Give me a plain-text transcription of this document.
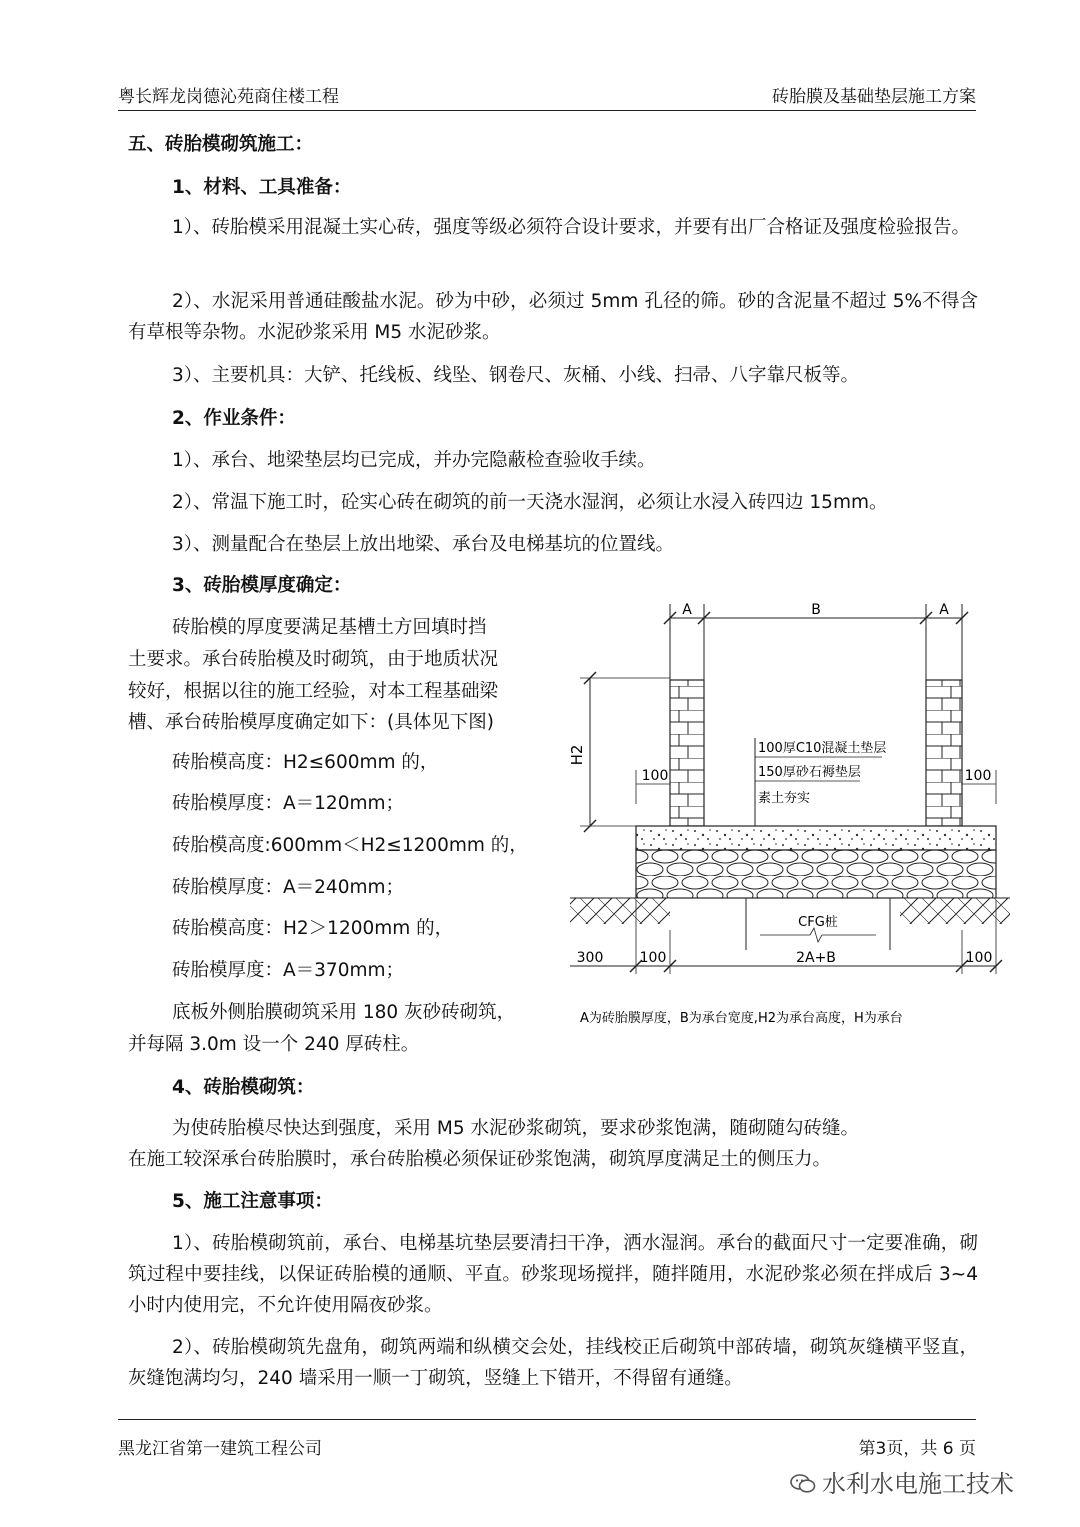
粤长辉龙岗德沁苑商住楼工程	砖胎膜及基础垫层施工方案
五、砖胎模砌筑施工：
1、材料、工具准备：
1）、砖胎模采用混凝土实心砖，强度等级必须符合设计要求，并要有出厂合格证及强度检验报告。
2）、水泥采用普通硅酸盐水泥。砂为中砂，必须过 5mm 孔径的筛。砂的含泥量不超过 5%不得含有草根等杂物。水泥砂浆采用 M5 水泥砂浆。
3）、主要机具：大铲、托线板、线坠、钢卷尺、灰桶、小线、扫帚、八字靠尺板等。
2、作业条件：
1）、承台、地梁垫层均已完成，并办完隐蔽检查验收手续。
2）、常温下施工时，砼实心砖在砌筑的前一天浇水湿润，必须让水浸入砖四边 15mm。
3）、测量配合在垫层上放出地梁、承台及电梯基坑的位置线。
3、砖胎模厚度确定：
砖胎模的厚度要满足基槽土方回填时挡
土要求。承台砖胎模及时砌筑，由于地质状况
较好，根据以往的施工经验，对本工程基础梁
槽、承台砖胎模厚度确定如下：(具体见下图)
砖胎模高度：H2≤600mm 的，
砖胎模厚度：A＝120mm；
砖胎模高度:600mm＜H2≤1200mm 的，
砖胎模厚度：A＝240mm；
砖胎模高度：H2＞1200mm 的，
砖胎模厚度：A＝370mm；
底板外侧胎膜砌筑采用 180 灰砂砖砌筑，
并每隔 3.0m 设一个 240 厚砖柱。
A	B	A
H2	100厚C10混凝土垫层
150厚砂石褥垫层
素土夯实
100	100
CFG桩
300	100	2A+B	100
A为砖胎膜厚度，B为承台宽度,H2为承台高度，H为承台
4、砖胎模砌筑：
为使砖胎模尽快达到强度，采用 M5 水泥砂浆砌筑，要求砂浆饱满，随砌随勾砖缝。
在施工较深承台砖胎膜时，承台砖胎模必须保证砂浆饱满，砌筑厚度满足土的侧压力。
5、施工注意事项：
1）、砖胎模砌筑前，承台、电梯基坑垫层要清扫干净，洒水湿润。承台的截面尺寸一定要准确，砌筑过程中要挂线，以保证砖胎模的通顺、平直。砂浆现场搅拌，随拌随用，水泥砂浆必须在拌成后 3~4 小时内使用完，不允许使用隔夜砂浆。
2）、砖胎模砌筑先盘角，砌筑两端和纵横交会处，挂线校正后砌筑中部砖墙，砌筑灰缝横平竖直，灰缝饱满均匀，240 墙采用一顺一丁砌筑，竖缝上下错开，不得留有通缝。
黑龙江省第一建筑工程公司	第3页，共 6 页
水利水电施工技术
